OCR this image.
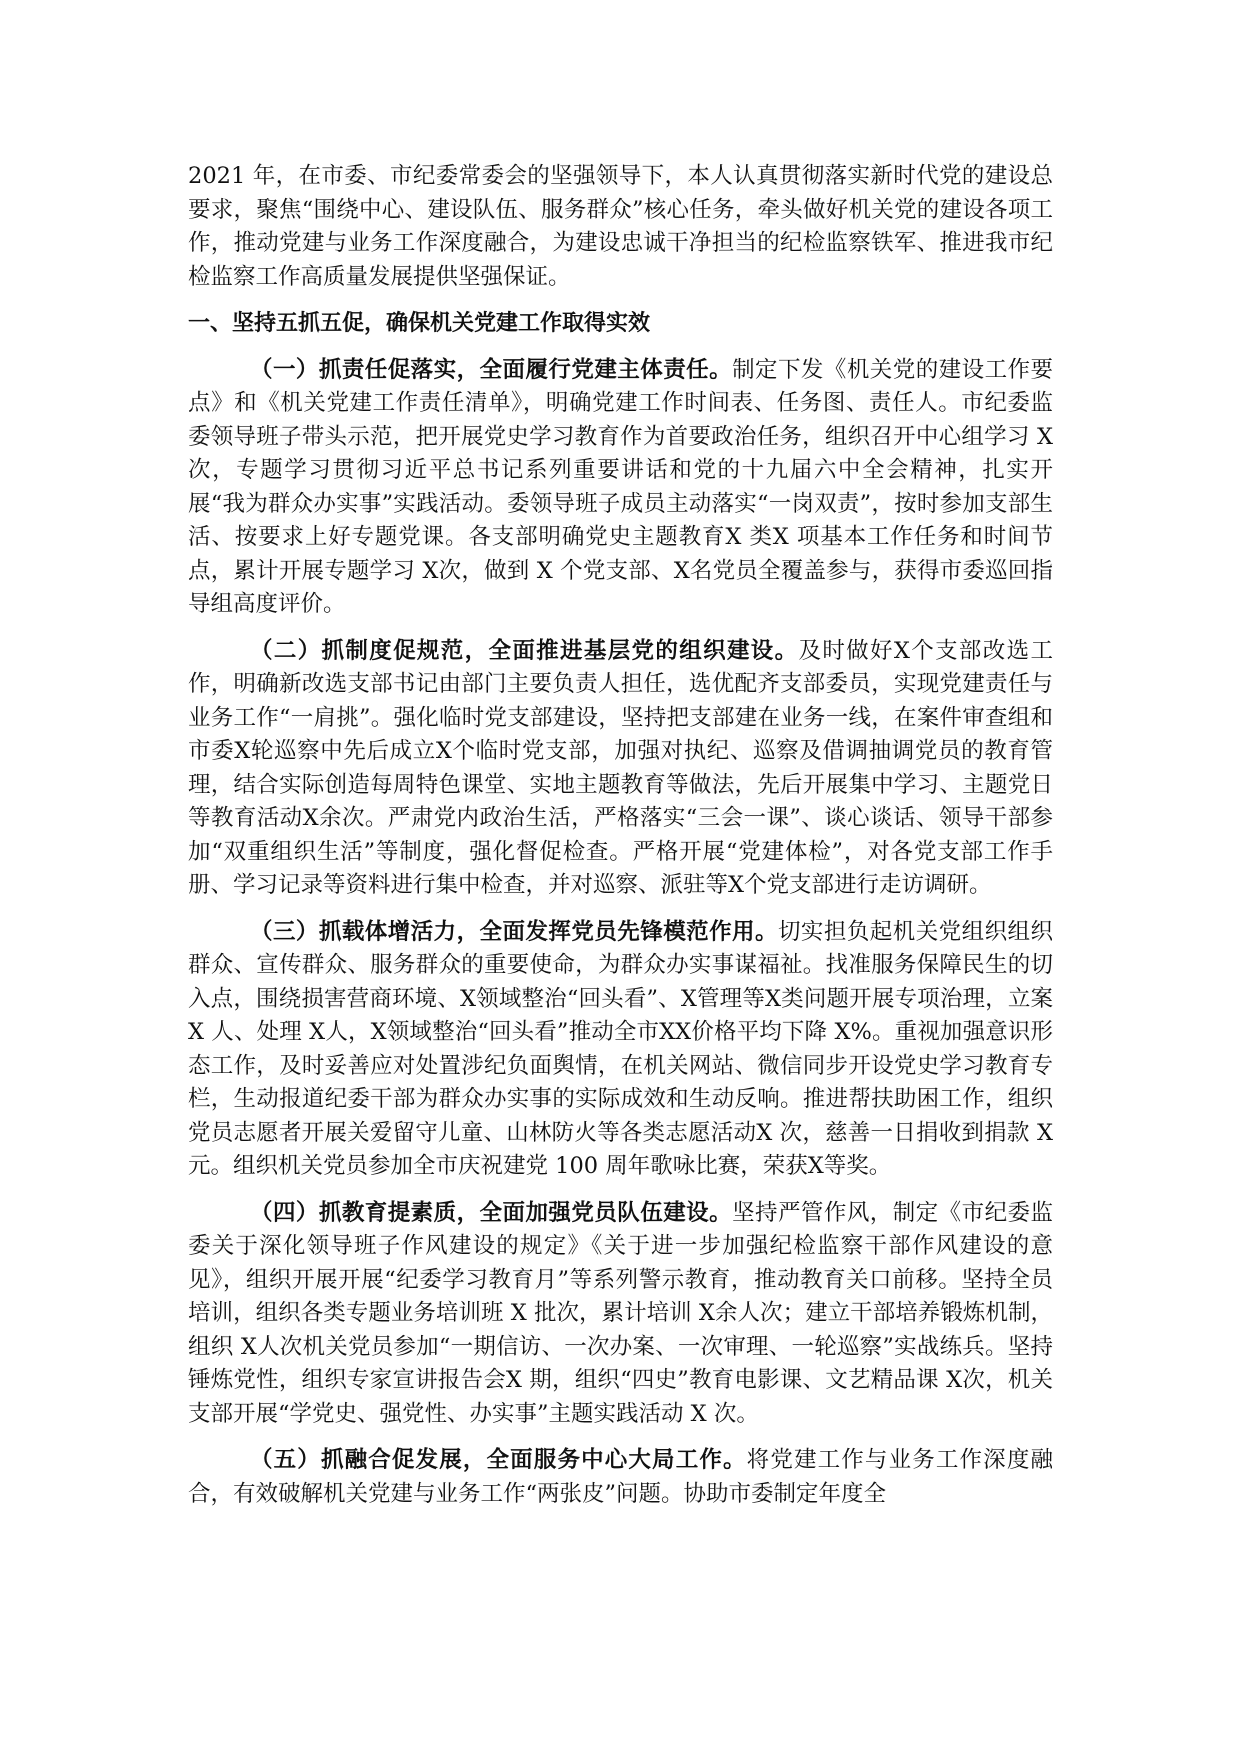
2021 年，在市委、市纪委常委会的坚强领导下，本人认真贯彻落实新时代党的建设总要求，聚焦“围绕中心、建设队伍、服务群众”核心任务，牵头做好机关党的建设各项工作，推动党建与业务工作深度融合，为建设忠诚干净担当的纪检监察铁军、推进我市纪检监察工作高质量发展提供坚强保证。

一、坚持五抓五促，确保机关党建工作取得实效

（一）抓责任促落实，全面履行党建主体责任。制定下发《机关党的建设工作要点》和《机关党建工作责任清单》，明确党建工作时间表、任务图、责任人。市纪委监委领导班子带头示范，把开展党史学习教育作为首要政治任务，组织召开中心组学习 X 次，专题学习贯彻习近平总书记系列重要讲话和党的十九届六中全会精神，扎实开展“我为群众办实事”实践活动。委领导班子成员主动落实“一岗双责”，按时参加支部生活、按要求上好专题党课。各支部明确党史主题教育X 类X 项基本工作任务和时间节点，累计开展专题学习 X次，做到 X 个党支部、X名党员全覆盖参与，获得市委巡回指导组高度评价。

（二）抓制度促规范，全面推进基层党的组织建设。及时做好X个支部改选工作，明确新改选支部书记由部门主要负责人担任，选优配齐支部委员，实现党建责任与业务工作“一肩挑”。强化临时党支部建设，坚持把支部建在业务一线，在案件审查组和市委X轮巡察中先后成立X个临时党支部，加强对执纪、巡察及借调抽调党员的教育管理，结合实际创造每周特色课堂、实地主题教育等做法，先后开展集中学习、主题党日等教育活动X余次。严肃党内政治生活，严格落实“三会一课”、谈心谈话、领导干部参加“双重组织生活”等制度，强化督促检查。严格开展“党建体检”，对各党支部工作手册、学习记录等资料进行集中检查，并对巡察、派驻等X个党支部进行走访调研。

（三）抓载体增活力，全面发挥党员先锋模范作用。切实担负起机关党组织组织群众、宣传群众、服务群众的重要使命，为群众办实事谋福祉。找准服务保障民生的切入点，围绕损害营商环境、X领域整治“回头看”、X管理等X类问题开展专项治理，立案 X 人、处理 X人，X领域整治“回头看”推动全市XX价格平均下降 X%。重视加强意识形态工作，及时妥善应对处置涉纪负面舆情，在机关网站、微信同步开设党史学习教育专栏，生动报道纪委干部为群众办实事的实际成效和生动反响。推进帮扶助困工作，组织党员志愿者开展关爱留守儿童、山林防火等各类志愿活动X 次，慈善一日捐收到捐款 X 元。组织机关党员参加全市庆祝建党 100 周年歌咏比赛，荣获X等奖。

（四）抓教育提素质，全面加强党员队伍建设。坚持严管作风，制定《市纪委监委关于深化领导班子作风建设的规定》《关于进一步加强纪检监察干部作风建设的意见》，组织开展开展“纪委学习教育月”等系列警示教育，推动教育关口前移。坚持全员培训，组织各类专题业务培训班 X 批次，累计培训 X余人次；建立干部培养锻炼机制，组织 X人次机关党员参加“一期信访、一次办案、一次审理、一轮巡察”实战练兵。坚持锤炼党性，组织专家宣讲报告会X 期，组织“四史”教育电影课、文艺精品课 X次，机关支部开展“学党史、强党性、办实事”主题实践活动 X 次。

（五）抓融合促发展，全面服务中心大局工作。将党建工作与业务工作深度融合，有效破解机关党建与业务工作“两张皮”问题。协助市委制定年度全
